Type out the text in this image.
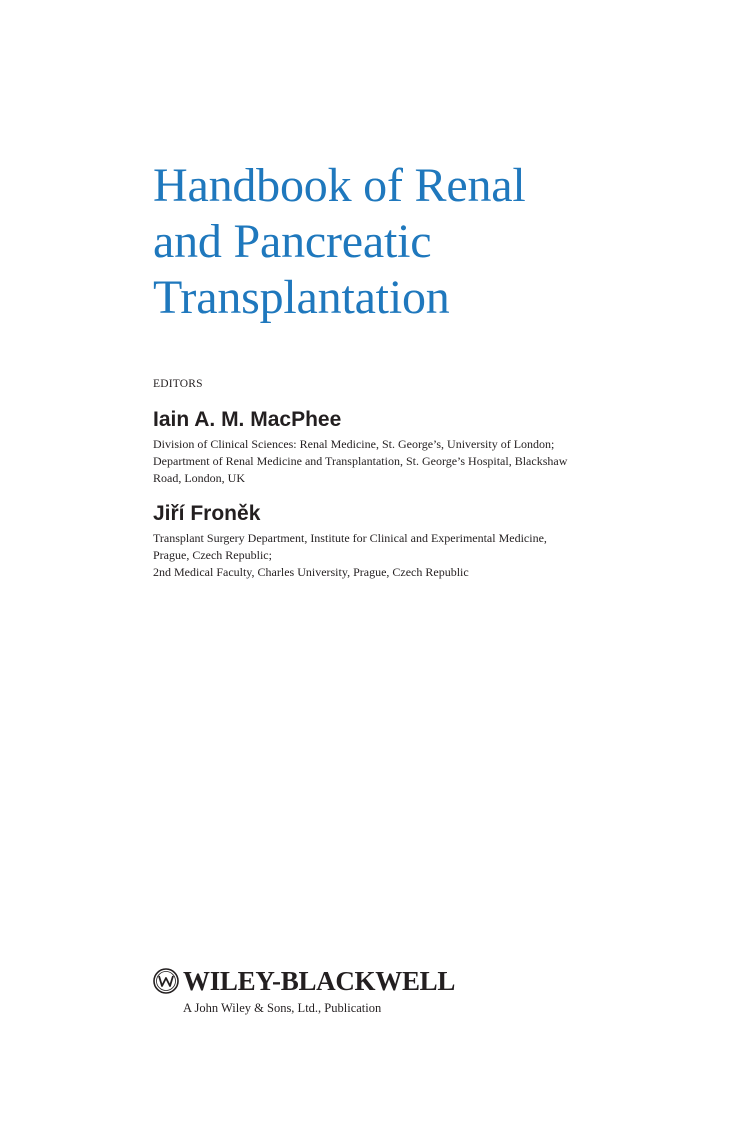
Handbook of Renal
and Pancreatic
Transplantation
EDITORS
Iain A. M. MacPhee
Division of Clinical Sciences: Renal Medicine, St. George’s, University of London;
Department of Renal Medicine and Transplantation, St. George’s Hospital, Blackshaw
Road, London, UK
Jiří Froněk
Transplant Surgery Department, Institute for Clinical and Experimental Medicine,
Prague, Czech Republic;
2nd Medical Faculty, Charles University, Prague, Czech Republic
WILEY-BLACKWELL
A John Wiley & Sons, Ltd., Publication
